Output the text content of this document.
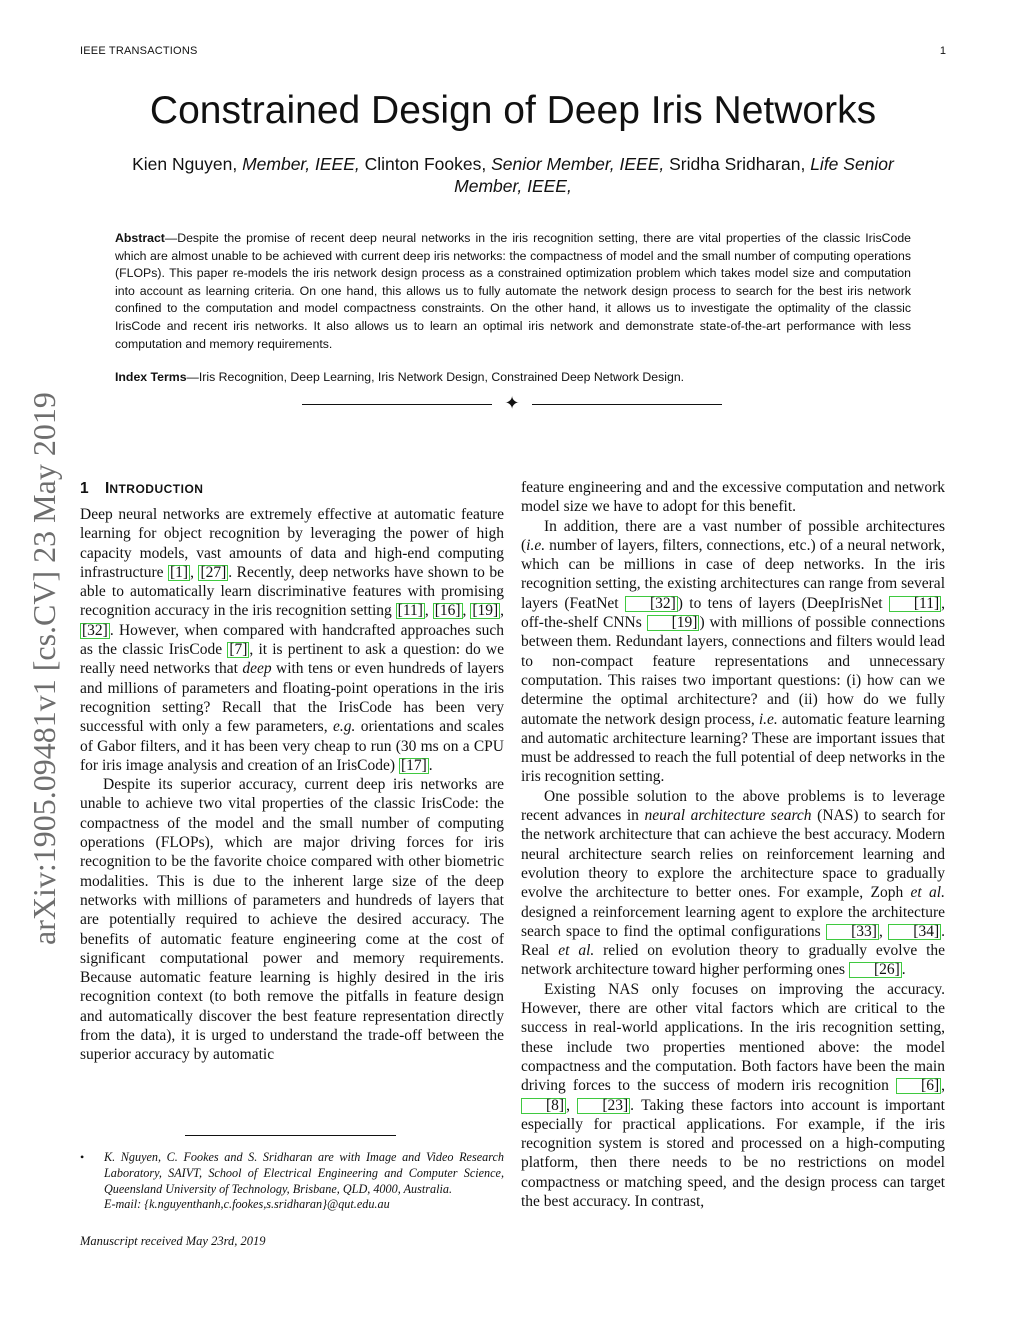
IEEE TRANSACTIONS	1
Constrained Design of Deep Iris Networks
Kien Nguyen, Member, IEEE, Clinton Fookes, Senior Member, IEEE, Sridha Sridharan, Life Senior
Member, IEEE,
Abstract—Despite the promise of recent deep neural networks in the iris recognition setting, there are vital properties of the classic IrisCode which are almost unable to be achieved with current deep iris networks: the compactness of model and the small number of computing operations (FLOPs). This paper re-models the iris network design process as a constrained optimization problem which takes model size and computation into account as learning criteria. On one hand, this allows us to fully automate the network design process to search for the best iris network confined to the computation and model compactness constraints. On the other hand, it allows us to investigate the optimality of the classic IrisCode and recent iris networks. It also allows us to learn an optimal iris network and demonstrate state-of-the-art performance with less computation and memory requirements.
Index Terms—Iris Recognition, Deep Learning, Iris Network Design, Constrained Deep Network Design.
✦
arXiv:1905.09481v1 [cs.CV] 23 May 2019 1 INTRODUCTION

Deep neural networks are extremely effective at automatic feature learning for object recognition by leveraging the power of high capacity models, vast amounts of data and high-end computing infrastructure [1] , [27] . Recently, deep networks have shown to be able to automatically learn discriminative features with promising recognition accuracy in the iris recognition setting [11] , [16] , [19] , [32] . However, when compared with handcrafted approaches such as the classic IrisCode [7] , it is pertinent to ask a question: do we really need networks that deep with tens or even hundreds of layers and millions of parameters and floating-point operations in the iris recognition setting? Recall that the IrisCode has been very successful with only a few parameters, e.g. orientations and scales of Gabor filters, and it has been very cheap to run (30 ms on a CPU for iris image analysis and creation of an IrisCode) [17] .

Despite its superior accuracy, current deep iris networks are unable to achieve two vital properties of the classic IrisCode: the compactness of the model and the small number of computing operations (FLOPs), which are major driving forces for iris recognition to be the favorite choice compared with other biometric modalities. This is due to the inherent large size of the deep networks with millions of parameters and hundreds of layers that are potentially required to achieve the desired accuracy. The benefits of automatic feature engineering come at the cost of significant computational power and memory requirements. Because automatic feature learning is highly desired in the iris recognition context (to both remove the pitfalls in feature design and automatically discover the best feature representation directly from the data), it is urged to understand the trade-off between the superior accuracy by automatic

• K. Nguyen, C. Fookes and S. Sridharan are with Image and Video Research Laboratory, SAIVT, School of Electrical Engineering and Computer Science, Queensland University of Technology, Brisbane, QLD, 4000, Australia.
E-mail: {k.nguyenthanh,c.fookes,s.sridharan}@qut.edu.au
Manuscript received May 23rd, 2019

feature engineering and and the excessive computation and network model size we have to adopt for this benefit.

In addition, there are a vast number of possible architectures (i.e. number of layers, filters, connections, etc.) of a neural network, which can be millions in case of deep networks. In the iris recognition setting, the existing architectures can range from several layers (FeatNet [32] ) to tens of layers (DeepIrisNet [11] , off-the-shelf CNNs [19] ) with millions of possible connections between them. Redundant layers, connections and filters would lead to non-compact feature representations and unnecessary computation. This raises two important questions: (i) how can we determine the optimal architecture? and (ii) how do we fully automate the network design process, i.e. automatic feature learning and automatic architecture learning? These are important issues that must be addressed to reach the full potential of deep networks in the iris recognition setting.

One possible solution to the above problems is to leverage recent advances in neural architecture search (NAS) to search for the network architecture that can achieve the best accuracy. Modern neural architecture search relies on reinforcement learning and evolution theory to explore the architecture space to gradually evolve the architecture to better ones. For example, Zoph et al. designed a reinforcement learning agent to explore the architecture search space to find the optimal configurations [33] , [34] . Real et al. relied on evolution theory to gradually evolve the network architecture toward higher performing ones [26] .

Existing NAS only focuses on improving the accuracy. However, there are other vital factors which are critical to the success in real-world applications. In the iris recognition setting, these include two properties mentioned above: the model compactness and the computation. Both factors have been the main driving forces to the success of modern iris recognition [6] , [8] , [23] . Taking these factors into account is important especially for practical applications. For example, if the iris recognition system is stored and processed on a high-computing platform, then there needs to be no restrictions on model compactness or matching speed, and the design process can target the best accuracy. In contrast,
